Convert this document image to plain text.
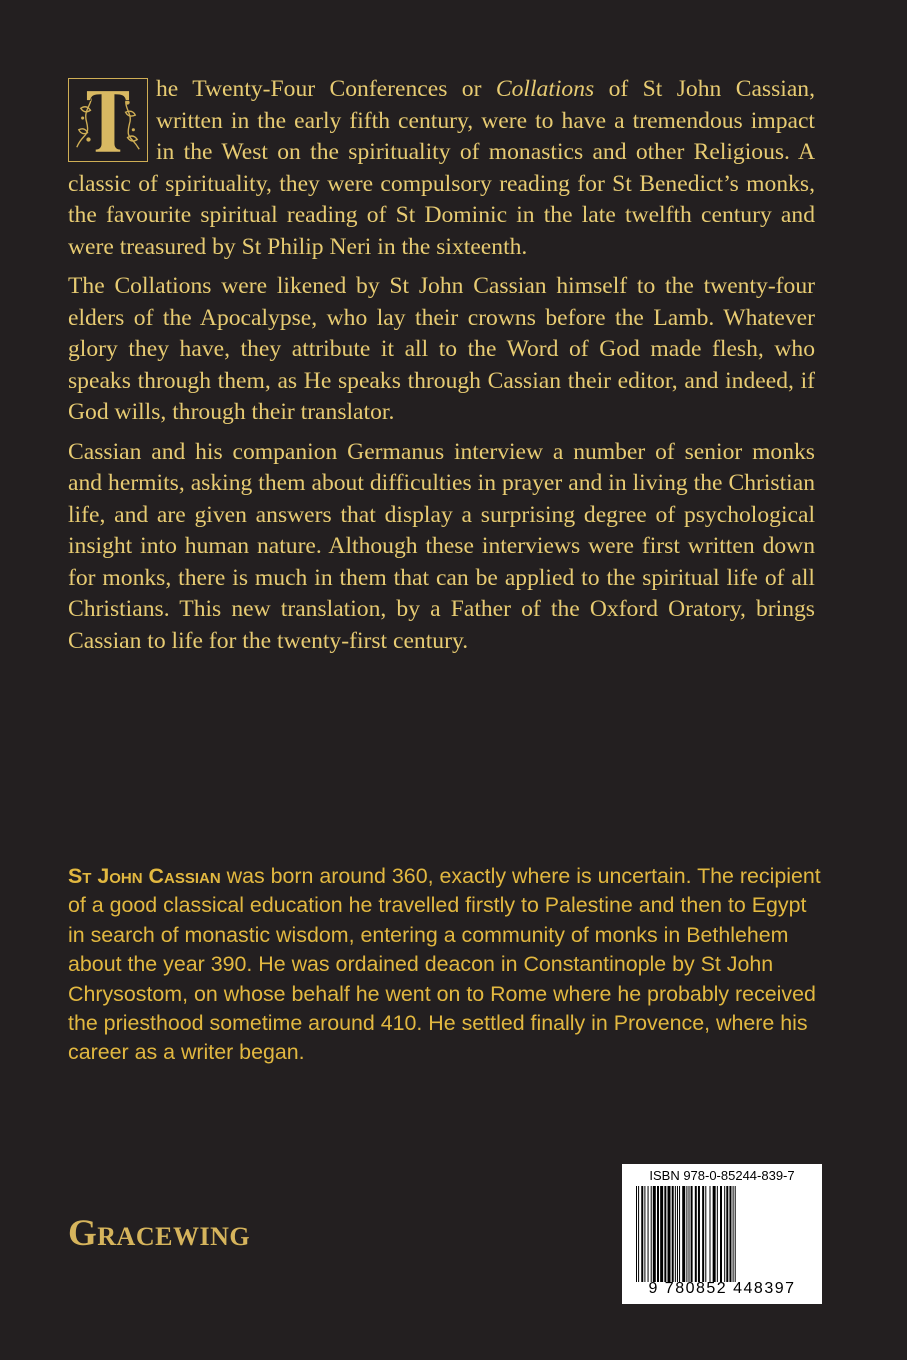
he Twenty-Four Conferences or Collations of St John Cassian, written in the early fifth century, were to have a tremendous impact in the West on the spirituality of monastics and other Religious. A classic of spirituality, they were compulsory reading for St Benedict’s monks, the favourite spiritual reading of St Dominic in the late twelfth century and were treasured by St Philip Neri in the sixteenth.

The Collations were likened by St John Cassian himself to the twenty-four elders of the Apocalypse, who lay their crowns before the Lamb. Whatever glory they have, they attribute it all to the Word of God made flesh, who speaks through them, as He speaks through Cassian their editor, and indeed, if God wills, through their translator.

Cassian and his companion Germanus interview a number of senior monks and hermits, asking them about difficulties in prayer and in living the Christian life, and are given answers that display a surprising degree of psychological insight into human nature. Although these interviews were first written down for monks, there is much in them that can be applied to the spiritual life of all Christians. This new translation, by a Father of the Oxford Oratory, brings Cassian to life for the twenty-first century.

St John Cassian was born around 360, exactly where is uncertain. The recipient of a good classical education he travelled firstly to Palestine and then to Egypt in search of monastic wisdom, entering a community of monks in Bethlehem about the year 390. He was ordained deacon in Constantinople by St John Chrysostom, on whose behalf he went on to Rome where he probably received the priesthood sometime around 410. He settled finally in Provence, where his career as a writer began.
Gracewing
ISBN 978-0-85244-839-7
9 780852 448397
